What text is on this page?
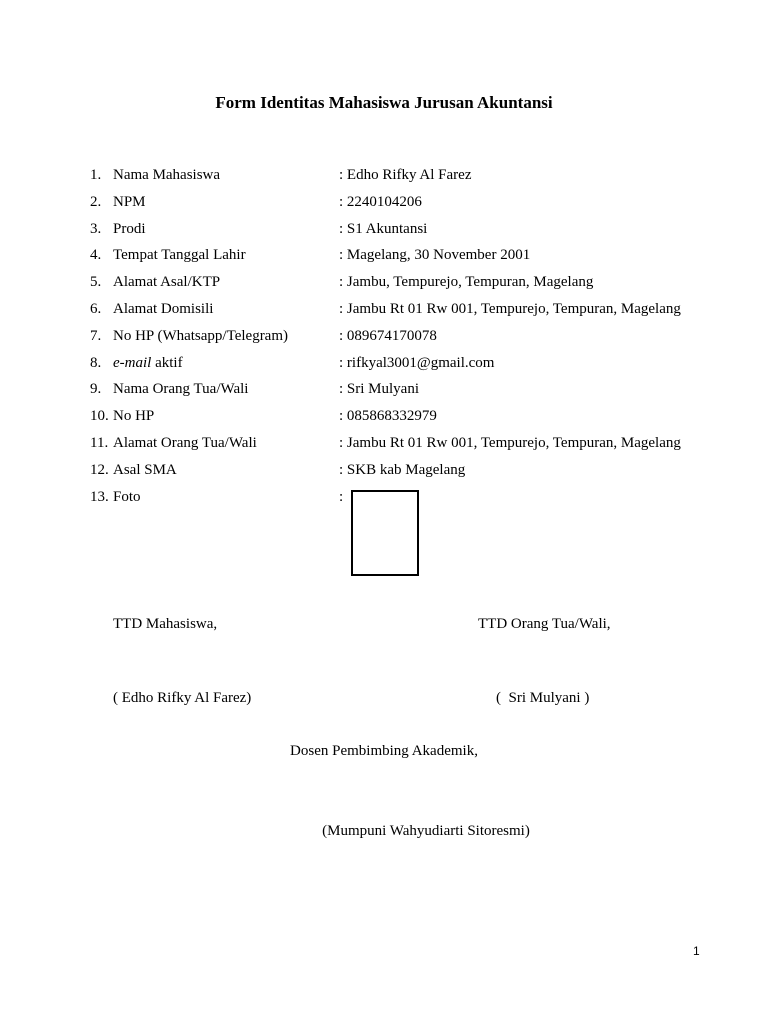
Form Identitas Mahasiswa Jurusan Akuntansi
1. Nama Mahasiswa	: Edho Rifky Al Farez
2. NPM	: 2240104206
3. Prodi	: S1 Akuntansi
4. Tempat Tanggal Lahir	: Magelang, 30 November 2001
5. Alamat Asal/KTP	: Jambu, Tempurejo, Tempuran, Magelang
6. Alamat Domisili	: Jambu Rt 01 Rw 001, Tempurejo, Tempuran, Magelang
7. No HP (Whatsapp/Telegram)	: 089674170078
8. e-mail aktif	: rifkyal3001@gmail.com
9. Nama Orang Tua/Wali	: Sri Mulyani
10. No HP	: 085868332979
11. Alamat Orang Tua/Wali	: Jambu Rt 01 Rw 001, Tempurejo, Tempuran, Magelang
12. Asal SMA	: SKB kab Magelang
13. Foto	:
TTD Mahasiswa,	TTD Orang Tua/Wali,
( Edho Rifky Al Farez)	(  Sri Mulyani )
Dosen Pembimbing Akademik,
(Mumpuni Wahyudiarti Sitoresmi)
1
